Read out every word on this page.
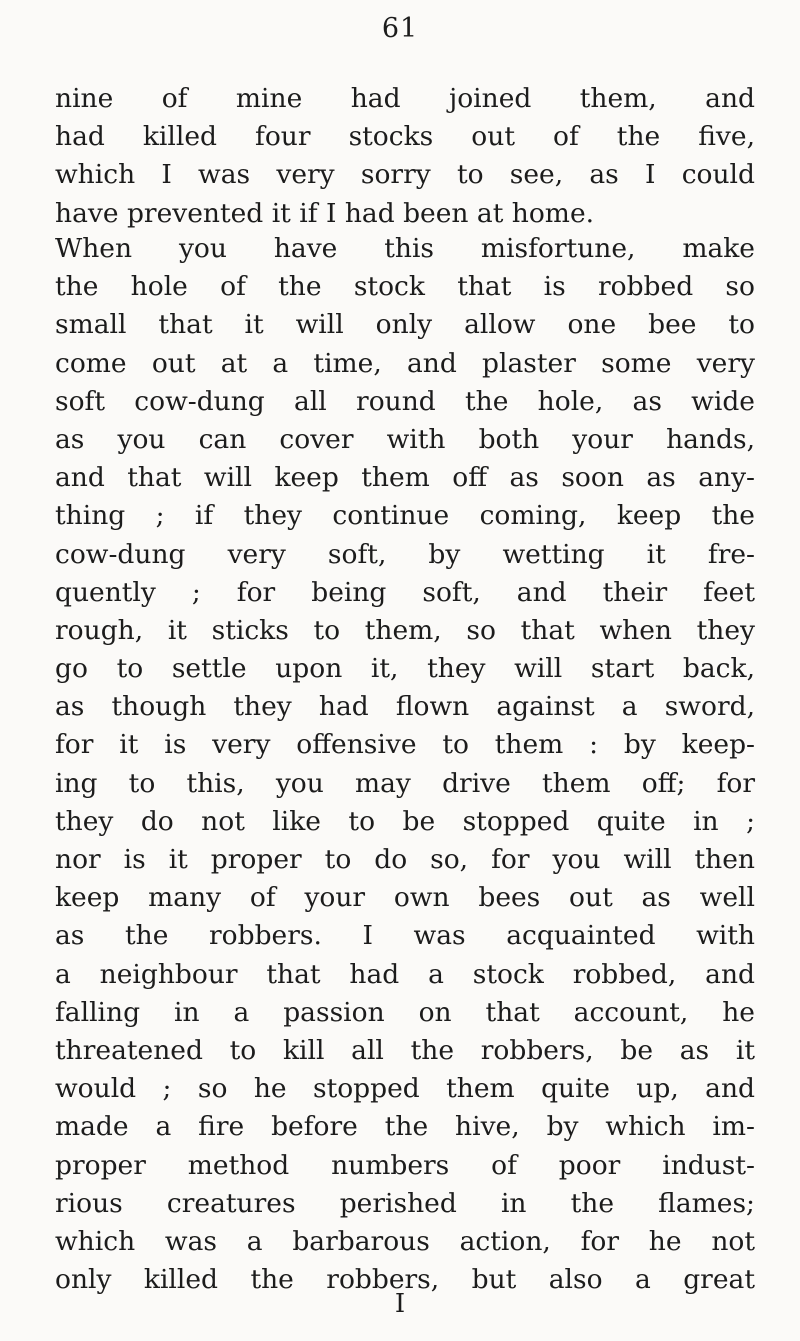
61
nine of mine had joined them, and
had killed four stocks out of the five,
which I was very sorry to see, as I could
have prevented it if I had been at home.
When you have this misfortune, make
the hole of the stock that is robbed so
small that it will only allow one bee to
come out at a time, and plaster some very
soft cow-dung all round the hole, as wide
as you can cover with both your hands,
and that will keep them off as soon as any-
thing ; if they continue coming, keep the
cow-dung very soft, by wetting it fre-
quently ; for being soft, and their feet
rough, it sticks to them, so that when they
go to settle upon it, they will start back,
as though they had flown against a sword,
for it is very offensive to them : by keep-
ing to this, you may drive them off; for
they do not like to be stopped quite in ;
nor is it proper to do so, for you will then
keep many of your own bees out as well
as the robbers. I was acquainted with
a neighbour that had a stock robbed, and
falling in a passion on that account, he
threatened to kill all the robbers, be as it
would ; so he stopped them quite up, and
made a fire before the hive, by which im-
proper method numbers of poor indust-
rious creatures perished in the flames;
which was a barbarous action, for he not
only killed the robbers, but also a great
I
